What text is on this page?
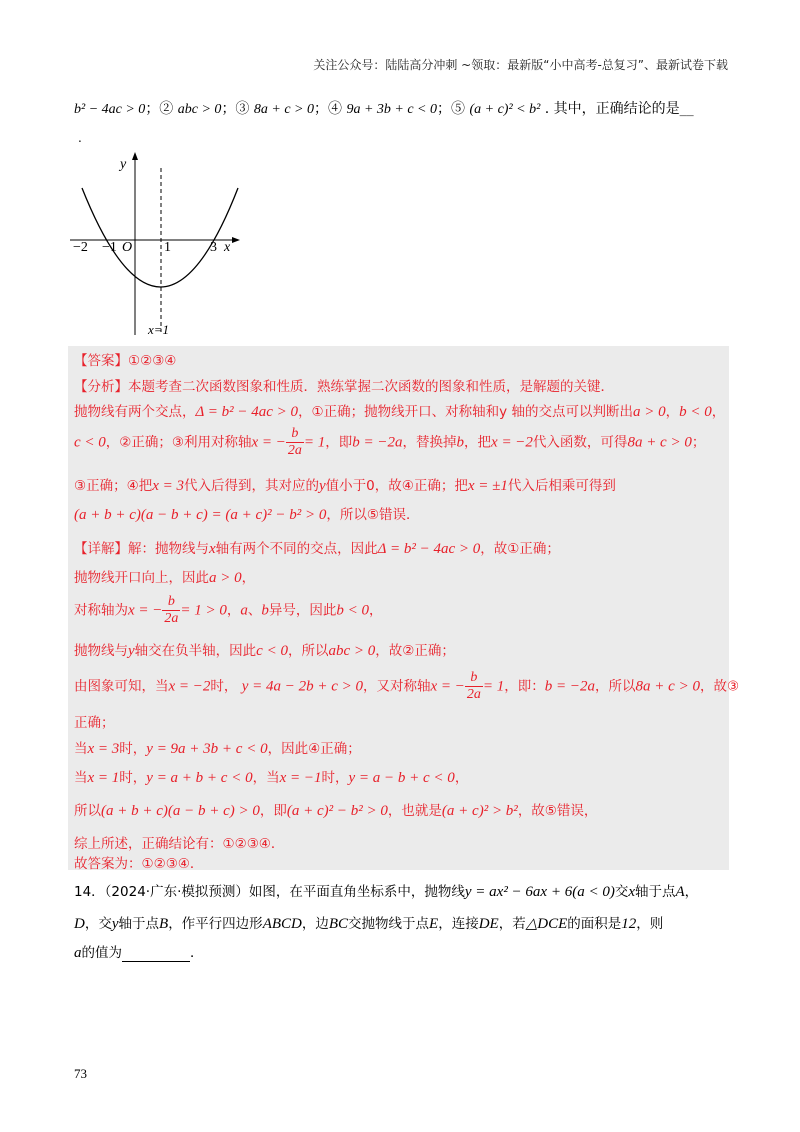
关注公众号：陆陆高分冲刺 ~领取：最新版“小中高考-总复习”、最新试卷下载
b² − 4ac > 0；② abc > 0；③ 8a + c > 0；④ 9a + 3b + c < 0；⑤ (a + c)² < b² . 其中，正确结论的是__
.
y
x
O
−2 −1	1	3
x=1
【答案】①②③④
【分析】本题考查二次函数图象和性质．熟练掌握二次函数的图象和性质，是解题的关键．
抛物线有两个交点，Δ = b² − 4ac > 0，①正确；抛物线开口、对称轴和y 轴的交点可以判断出a > 0，b < 0，
c < 0，②正确；③利用对称轴x = − $\frac{b}{2a} = 1$，即b = −2a，替换掉b，把x = −2代入函数，可得8a + c > 0；
③正确；④把x = 3代入后得到，其对应的y值小于0，故④正确；把x = ±1代入后相乘可得到
(a + b + c)(a − b + c) = (a + c)² − b² > 0，所以⑤错误．
【详解】解：抛物线与x轴有两个不同的交点，因此Δ = b² − 4ac > 0，故①正确；
抛物线开口向上，因此a > 0，
对称轴为x = − $\frac{b}{2a} = 1 > 0$，a、b异号，因此b < 0，
抛物线与y轴交在负半轴，因此c < 0，所以abc > 0，故②正确；
由图象可知，当x = −2时， y = 4a − 2b + c > 0，又对称轴x = − $\frac{b}{2a} = 1$，即：b = −2a，所以8a + c > 0，故③
正确；
当x = 3时，y = 9a + 3b + c < 0，因此④正确；
当x = 1时，y = a + b + c < 0，当x = −1时，y = a − b + c < 0，
所以(a + b + c)(a − b + c) > 0，即(a + c)² − b² > 0，也就是(a + c)² > b²，故⑤错误，
综上所述，正确结论有：①②③④．
故答案为：①②③④．
14．（2024·广东·模拟预测）如图，在平面直角坐标系中，抛物线y = ax² − 6ax + 6(a < 0)交x轴于点A，
D，交y轴于点B，作平行四边形ABCD，边BC交抛物线于点E，连接DE，若△DCE的面积是12，则
a的值为	．
73
